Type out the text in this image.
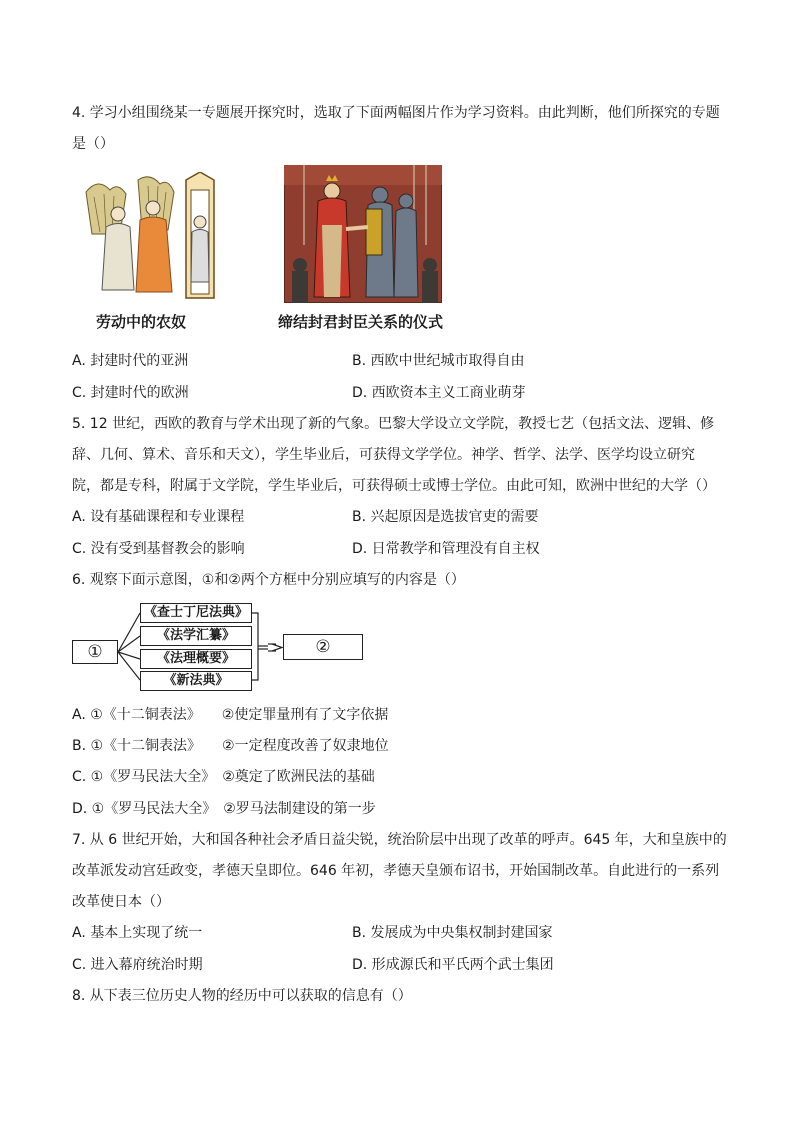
4. 学习小组围绕某一专题展开探究时，选取了下面两幅图片作为学习资料。由此判断，他们所探究的专题
是（）
劳动中的农奴	缔结封君封臣关系的仪式
A. 封建时代的亚洲	B. 西欧中世纪城市取得自由
C. 封建时代的欧洲	D. 西欧资本主义工商业萌芽
5. 12 世纪，西欧的教育与学术出现了新的气象。巴黎大学设立文学院，教授七艺（包括文法、逻辑、修
辞、几何、算术、音乐和天文），学生毕业后，可获得文学学位。神学、哲学、法学、医学均设立研究
院，都是专科，附属于文学院，学生毕业后，可获得硕士或博士学位。由此可知，欧洲中世纪的大学（）
A. 设有基础课程和专业课程	B. 兴起原因是选拔官吏的需要
C. 没有受到基督教会的影响	D. 日常教学和管理没有自主权
6. 观察下面示意图，①和②两个方框中分别应填写的内容是（）
①
《查士丁尼法典》
《法学汇纂》
《法理概要》
《新法典》
②
A. ①《十二铜表法》　　②使定罪量刑有了文字依据
B. ①《十二铜表法》　　②一定程度改善了奴隶地位
C. ①《罗马民法大全》　②奠定了欧洲民法的基础
D. ①《罗马民法大全》　②罗马法制建设的第一步
7. 从 6 世纪开始，大和国各种社会矛盾日益尖锐，统治阶层中出现了改革的呼声。645 年，大和皇族中的
改革派发动宫廷政变，孝德天皇即位。646 年初，孝德天皇颁布诏书，开始国制改革。自此进行的一系列
改革使日本（）
A. 基本上实现了统一	B. 发展成为中央集权制封建国家
C. 进入幕府统治时期	D. 形成源氏和平氏两个武士集团
8. 从下表三位历史人物的经历中可以获取的信息有（）
